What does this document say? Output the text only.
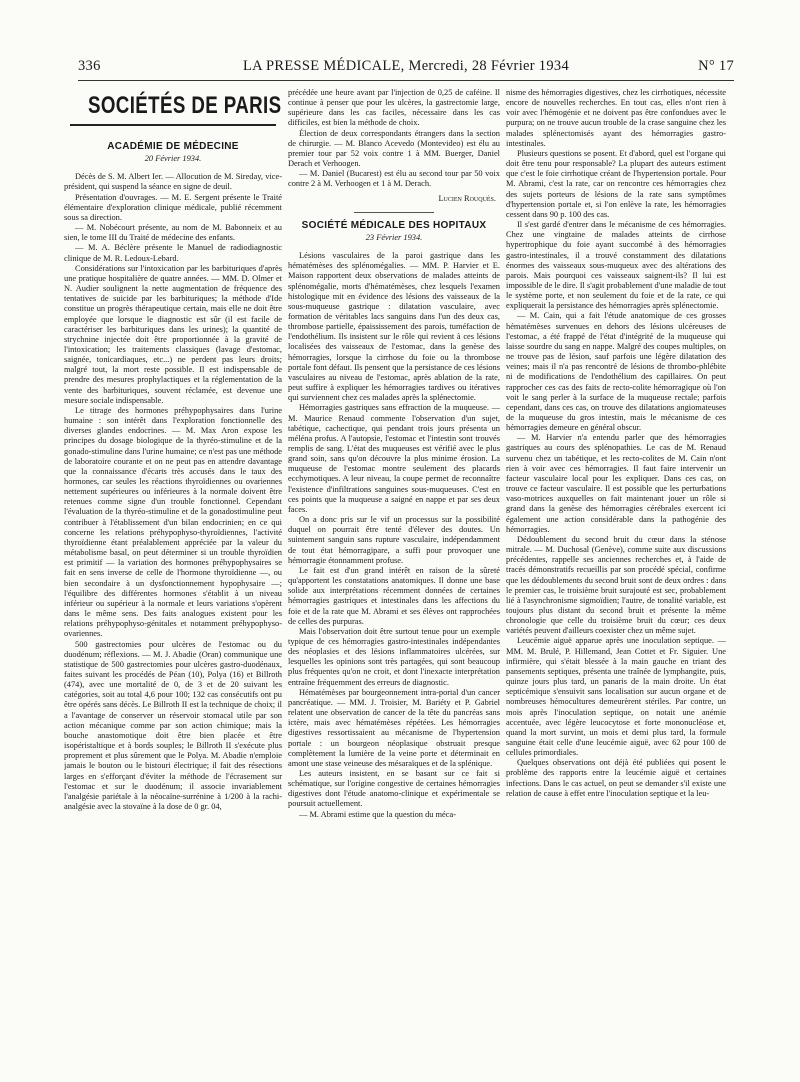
336	LA PRESSE MÉDICALE, Mercredi, 28 Février 1934	N° 17
SOCIÉTÉS DE PARIS
ACADÉMIE DE MÉDECINE
20 Février 1934.

Décès de S. M. Albert Ier. — Allocution de M. Sireday, vice-président, qui suspend la séance en signe de deuil.

Présentation d'ouvrages. — M. E. Sergent présente le Traité élémentaire d'exploration clinique médicale, publié récemment sous sa direction.

— M. Nobécourt présente, au nom de M. Babonneix et au sien, le tome III du Traité de médecine des enfants.

— M. A. Béclère présente le Manuel de radiodiagnostic clinique de M. R. Ledoux-Lebard.

Considérations sur l'intoxication par les barbituriques d'après une pratique hospitalière de quatre années. — MM. D. Olmer et N. Audier soulignent la nette augmentation de fréquence des tentatives de suicide par les barbituriques; la méthode d'Ide constitue un progrès thérapeutique certain, mais elle ne doit être employée que lorsque le diagnostic est sûr (il est facile de caractériser les barbituriques dans les urines); la quantité de strychnine injectée doit être proportionnée à la gravité de l'intoxication; les traitements classiques (lavage d'estomac, saignée, tonicardiaques, etc...) ne perdent pas leurs droits; malgré tout, la mort reste possible. Il est indispensable de prendre des mesures prophylactiques et la réglementation de la vente des barbituriques, souvent réclamée, est devenue une mesure sociale indispensable.

Le titrage des hormones préhypophysaires dans l'urine humaine : son intérêt dans l'exploration fonctionnelle des diverses glandes endocrines. — M. Max Aron expose les principes du dosage biologique de la thyréo-stimuline et de la gonado-stimuline dans l'urine humaine; ce n'est pas une méthode de laboratoire courante et on ne peut pas en attendre davantage que la connaissance d'écarts très accusés dans le taux des hormones, car seules les réactions thyroïdiennes ou ovariennes nettement supérieures ou inférieures à la normale doivent être retenues comme signe d'un trouble fonctionnel. Cependant l'évaluation de la thyréo-stimuline et de la gonadostimuline peut contribuer à l'établissement d'un bilan endocrinien; en ce qui concerne les relations préhypophyso-thyroïdiennes, l'activité thyroïdienne étant préalablement appréciée par la valeur du métabolisme basal, on peut déterminer si un trouble thyroïdien est primitif — la variation des hormones préhypophysaires se fait en sens inverse de celle de l'hormone thyroïdienne —, ou bien secondaire à un dysfonctionnement hypophysaire —; l'équilibre des différentes hormones s'établit à un niveau inférieur ou supérieur à la normale et leurs variations s'opèrent dans le même sens. Des faits analogues existent pour les relations préhypophyso-génitales et notamment préhypophyso-ovariennes.

500 gastrectomies pour ulcères de l'estomac ou du duodénum; réflexions. — M. J. Abadie (Oran) communique une statistique de 500 gastrectomies pour ulcères gastro-duodénaux, faites suivant les procédés de Péan (10), Polya (16) et Billroth (474), avec une mortalité de 0, de 3 et de 20 suivant les catégories, soit au total 4,6 pour 100; 132 cas consécutifs ont pu être opérés sans décès. Le Billroth II est la technique de choix; il a l'avantage de conserver un réservoir stomacal utile par son action mécanique comme par son action chimique; mais la bouche anastomotique doit être bien placée et être isopéristaltique et à bords souples; le Billroth II s'exécute plus proprement et plus sûrement que le Polya. M. Abadie n'emploie jamais le bouton ou le bistouri électrique; il fait des résections larges en s'efforçant d'éviter la méthode de l'écrasement sur l'estomac et sur le duodénum; il associe invariablement l'analgésie pariétale à la néocaïne-surrénine à 1/200 à la rachi-analgésie avec la stovaïne à la dose de 0 gr. 04,

précédée une heure avant par l'injection de 0,25 de caféine. Il continue à penser que pour les ulcères, la gastrectomie large, supérieure dans les cas faciles, nécessaire dans les cas difficiles, est bien la méthode de choix.

Élection de deux correspondants étrangers dans la section de chirurgie. — M. Blanco Acevedo (Montevideo) est élu au premier tour par 52 voix contre 1 à MM. Buerger, Daniel Derach et Verhoogen.

— M. Daniel (Bucarest) est élu au second tour par 50 voix contre 2 à M. Verhoogen et 1 à M. Derach.

Lucien Rouquès.
SOCIÉTÉ MÉDICALE DES HOPITAUX
23 Février 1934.

Lésions vasculaires de la paroi gastrique dans les hématémèses des splénomégalies. — MM. P. Harvier et E. Maison rapportent deux observations de malades atteints de splénomégalie, morts d'hématémèses, chez lesquels l'examen histologique mit en évidence des lésions des vaisseaux de la sous-muqueuse gastrique : dilatation vasculaire, avec formation de véritables lacs sanguins dans l'un des deux cas, thrombose partielle, épaississement des parois, tuméfaction de l'endothélium. Ils insistent sur le rôle qui revient à ces lésions localisées des vaisseaux de l'estomac, dans la genèse des hémorragies, lorsque la cirrhose du foie ou la thrombose portale font défaut. Ils pensent que la persistance de ces lésions vasculaires au niveau de l'estomac, après ablation de la rate, peut suffire à expliquer les hémorragies tardives ou itératives qui surviennent chez ces malades après la splénectomie.

Hémorragies gastriques sans effraction de la muqueuse. — M. Maurice Renaud commente l'observation d'un sujet, tabétique, cachectique, qui pendant trois jours présenta un méléna profus. A l'autopsie, l'estomac et l'intestin sont trouvés remplis de sang. L'état des muqueuses est vérifié avec le plus grand soin, sans qu'on découvre la plus minime érosion. La muqueuse de l'estomac montre seulement des placards ecchymotiques. A leur niveau, la coupe permet de reconnaître l'existence d'infiltrations sanguines sous-muqueuses. C'est en ces points que la muqueuse a saigné en nappe et par ses deux faces.

On a donc pris sur le vif un processus sur la possibilité duquel on pourrait être tenté d'élever des doutes. Un suintement sanguin sans rupture vasculaire, indépendamment de tout état hémorragipare, a suffi pour provoquer une hémorragie étonnamment profuse.

Le fait est d'un grand intérêt en raison de la sûreté qu'apportent les constatations anatomiques. Il donne une base solide aux interprétations récemment données de certaines hémorragies gastriques et intestinales dans les affections du foie et de la rate que M. Abrami et ses élèves ont rapprochées de celles des purpuras.

Mais l'observation doit être surtout tenue pour un exemple typique de ces hémorragies gastro-intestinales indépendantes des néoplasies et des lésions inflammatoires ulcérées, sur lesquelles les opinions sont très partagées, qui sont beaucoup plus fréquentes qu'on ne croit, et dont l'inexacte interprétation entraîne fréquemment des erreurs de diagnostic.

Hématémèses par bourgeonnement intra-portal d'un cancer pancréatique. — MM. J. Troisier, M. Bariéty et P. Gabriel relatent une observation de cancer de la tête du pancréas sans ictère, mais avec hématémèses répétées. Les hémorragies digestives ressortissaient au mécanisme de l'hypertension portale : un bourgeon néoplasique obstruait presque complètement la lumière de la veine porte et déterminait en amont une stase veineuse des mésaraïques et de la splénique.

Les auteurs insistent, en se basant sur ce fait si schématique, sur l'origine congestive de certaines hémorragies digestives dont l'étude anatomo-clinique et expérimentale se poursuit actuellement.

— M. Abrami estime que la question du méca-

nisme des hémorragies digestives, chez les cirrhotiques, nécessite encore de nouvelles recherches. En tout cas, elles n'ont rien à voir avec l'hémogénie et ne doivent pas être confondues avec le purpura; on ne trouve aucun trouble de la crase sanguine chez les malades splénectomisés ayant des hémorragies gastro-intestinales.

Plusieurs questions se posent. Et d'abord, quel est l'organe qui doit être tenu pour responsable? La plupart des auteurs estiment que c'est le foie cirrhotique créant de l'hypertension portale. Pour M. Abrami, c'est la rate, car on rencontre ces hémorragies chez des sujets porteurs de lésions de la rate sans symptômes d'hypertension portale et, si l'on enlève la rate, les hémorragies cessent dans 90 p. 100 des cas.

Il s'est gardé d'entrer dans le mécanisme de ces hémorragies. Chez une vingtaine de malades atteints de cirrhose hypertrophique du foie ayant succombé à des hémorragies gastro-intestinales, il a trouvé constamment des dilatations énormes des vaisseaux sous-muqueux avec des altérations des parois. Mais pourquoi ces vaisseaux saignent-ils? Il lui est impossible de le dire. Il s'agit probablement d'une maladie de tout le système porte, et non seulement du foie et de la rate, ce qui expliquerait la persistance des hémorragies après splénectomie.

— M. Cain, qui a fait l'étude anatomique de ces grosses hématémèses survenues en dehors des lésions ulcéreuses de l'estomac, a été frappé de l'état d'intégrité de la muqueuse qui laisse sourdre du sang en nappe. Malgré des coupes multiples, on ne trouve pas de lésion, sauf parfois une légère dilatation des veines; mais il n'a pas rencontré de lésions de thrombo-phlébite ni de modifications de l'endothélium des capillaires. On peut rapprocher ces cas des faits de recto-colite hémorragique où l'on voit le sang perler à la surface de la muqueuse rectale; parfois cependant, dans ces cas, on trouve des dilatations angiomateuses de la muqueuse du gros intestin, mais le mécanisme de ces hémorragies demeure en général obscur.

— M. Harvier n'a entendu parler que des hémorragies gastriques au cours des splénopathies. Le cas de M. Renaud survenu chez un tabétique, et les recto-colites de M. Cain n'ont rien à voir avec ces hémorragies. Il faut faire intervenir un facteur vasculaire local pour les expliquer. Dans ces cas, on trouve ce facteur vasculaire. Il est possible que les perturbations vaso-motrices auxquelles on fait maintenant jouer un rôle si grand dans la genèse des hémorragies cérébrales exercent ici également une action considérable dans la pathogénie des hémorragies.

Dédoublement du second bruit du cœur dans la sténose mitrale. — M. Duchosal (Genève), comme suite aux discussions précédentes, rappelle ses anciennes recherches et, à l'aide de tracés démonstratifs recueillis par son procédé spécial, confirme que les dédoublements du second bruit sont de deux ordres : dans le premier cas, le troisième bruit surajouté est sec, probablement lié à l'asynchronisme sigmoïdien; l'autre, de tonalité variable, est toujours plus distant du second bruit et présente la même chronologie que celle du troisième bruit du cœur; ces deux variétés peuvent d'ailleurs coexister chez un même sujet.

Leucémie aiguë apparue après une inoculation septique. — MM. M. Brulé, P. Hillemand, Jean Cottet et Fr. Siguier. Une infirmière, qui s'était blessée à la main gauche en triant des pansements septiques, présenta une traînée de lymphangite, puis, quinze jours plus tard, un panaris de la main droite. Un état septicémique s'ensuivit sans localisation sur aucun organe et de nombreuses hémocultures demeurèrent stériles. Par contre, un mois après l'inoculation septique, on notait une anémie accentuée, avec légère leucocytose et forte mononucléose et, quand la mort survint, un mois et demi plus tard, la formule sanguine était celle d'une leucémie aiguë, avec 62 pour 100 de cellules primordiales.

Quelques observations ont déjà été publiées qui posent le problème des rapports entre la leucémie aiguë et certaines infections. Dans le cas actuel, on peut se demander s'il existe une relation de cause à effet entre l'inoculation septique et la leu-
